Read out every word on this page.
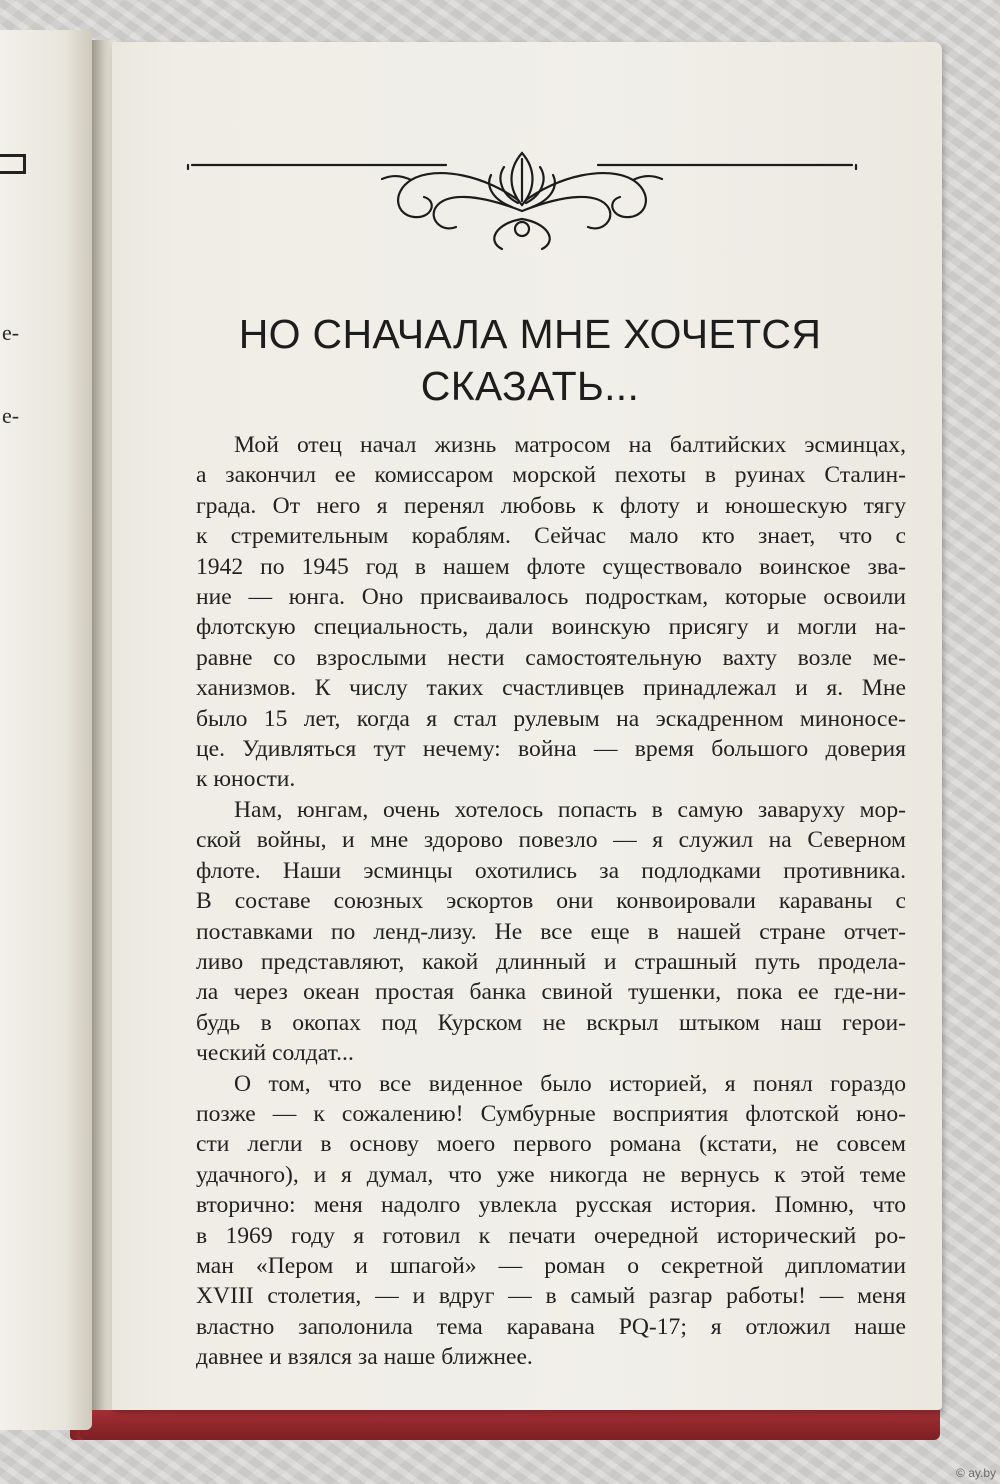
е-
е-
НО СНАЧАЛА МНЕ ХОЧЕТСЯ
СКАЗАТЬ...
Мой отец начал жизнь матросом на балтийских эсминцах,
а закончил ее комиссаром морской пехоты в руинах Сталин-
града. От него я перенял любовь к флоту и юношескую тягу
к стремительным кораблям. Сейчас мало кто знает, что с
1942 по 1945 год в нашем флоте существовало воинское зва-
ние — юнга. Оно присваивалось подросткам, которые освоили
флотскую специальность, дали воинскую присягу и могли на-
равне со взрослыми нести самостоятельную вахту возле ме-
ханизмов. К числу таких счастливцев принадлежал и я. Мне
было 15 лет, когда я стал рулевым на эскадренном миноносе-
це. Удивляться тут нечему: война — время большого доверия
к юности.
Нам, юнгам, очень хотелось попасть в самую заваруху мор-
ской войны, и мне здорово повезло — я служил на Северном
флоте. Наши эсминцы охотились за подлодками противника.
В составе союзных эскортов они конвоировали караваны с
поставками по ленд-лизу. Не все еще в нашей стране отчет-
ливо представляют, какой длинный и страшный путь продела-
ла через океан простая банка свиной тушенки, пока ее где-ни-
будь в окопах под Курском не вскрыл штыком наш герои-
ческий солдат...
О том, что все виденное было историей, я понял гораздо
позже — к сожалению! Сумбурные восприятия флотской юно-
сти легли в основу моего первого романа (кстати, не совсем
удачного), и я думал, что уже никогда не вернусь к этой теме
вторично: меня надолго увлекла русская история. Помню, что
в 1969 году я готовил к печати очередной исторический ро-
ман «Пером и шпагой» — роман о секретной дипломатии
XVIII столетия, — и вдруг — в самый разгар работы! — меня
властно заполонила тема каравана PQ-17; я отложил наше
давнее и взялся за наше ближнее.
© ay.by
